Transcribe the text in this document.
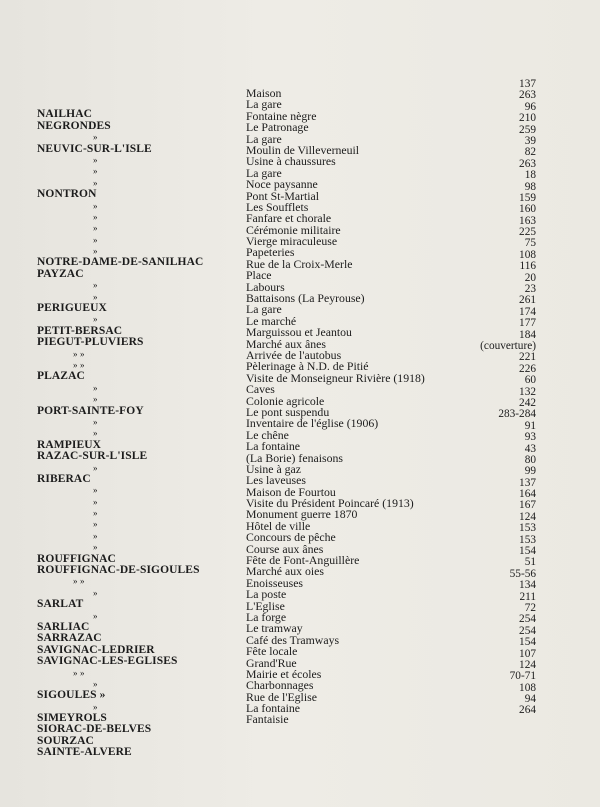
NAILHAC
NEGRONDES
»
NEUVIC-SUR-L'ISLE
»
»
»
NONTRON
»
»
»
»
»
NOTRE-DAME-DE-SANILHAC
PAYZAC
»
»
PERIGUEUX
»
PETIT-BERSAC
PIEGUT-PLUVIERS
» »
» »
PLAZAC
»
»
PORT-SAINTE-FOY
»
»
RAMPIEUX
RAZAC-SUR-L'ISLE
»
RIBERAC
»
»
»
»
»
»
ROUFFIGNAC
ROUFFIGNAC-DE-SIGOULES
» »
»
SARLAT
»
SARLIAC
SARRAZAC
SAVIGNAC-LEDRIER
SAVIGNAC-LES-EGLISES
» »
»
SIGOULES »
»
SIMEYROLS
SIORAC-DE-BELVES
SOURZAC
SAINTE-ALVERE
Maison
La gare
Fontaine nègre
Le Patronage
La gare
Moulin de Villeverneuil
Usine à chaussures
La gare
Noce paysanne
Pont St-Martial
Les Soufflets
Fanfare et chorale
Cérémonie militaire
Vierge miraculeuse
Papeteries
Rue de la Croix-Merle
Place
Labours
Battaisons (La Peyrouse)
La gare
Le marché
Marguissou et Jeantou
Marché aux ânes
Arrivée de l'autobus
Pèlerinage à N.D. de Pitié
Visite de Monseigneur Rivière (1918)
Caves
Colonie agricole
Le pont suspendu
Inventaire de l'église (1906)
Le chêne
La fontaine
(La Borie) fenaisons
Usine à gaz
Les laveuses
Maison de Fourtou
Visite du Président Poincaré (1913)
Monument guerre 1870
Hôtel de ville
Concours de pêche
Course aux ânes
Fête de Font-Anguillère
Marché aux oies
Enoisseuses
La poste
L'Eglise
La forge
Le tramway
Café des Tramways
Fête locale
Grand'Rue
Mairie et écoles
Charbonnages
Rue de l'Eglise
La fontaine
Fantaisie
137
263
96
210
259
39
82
263
18
98
159
160
163
225
75
108
116
20
23
261
174
177
184
(couverture)
221
226
60
132
242
283-284
91
93
43
80
99
137
164
167
124
153
153
154
51
55-56
134
211
72
254
254
154
107
124
70-71
108
94
264
